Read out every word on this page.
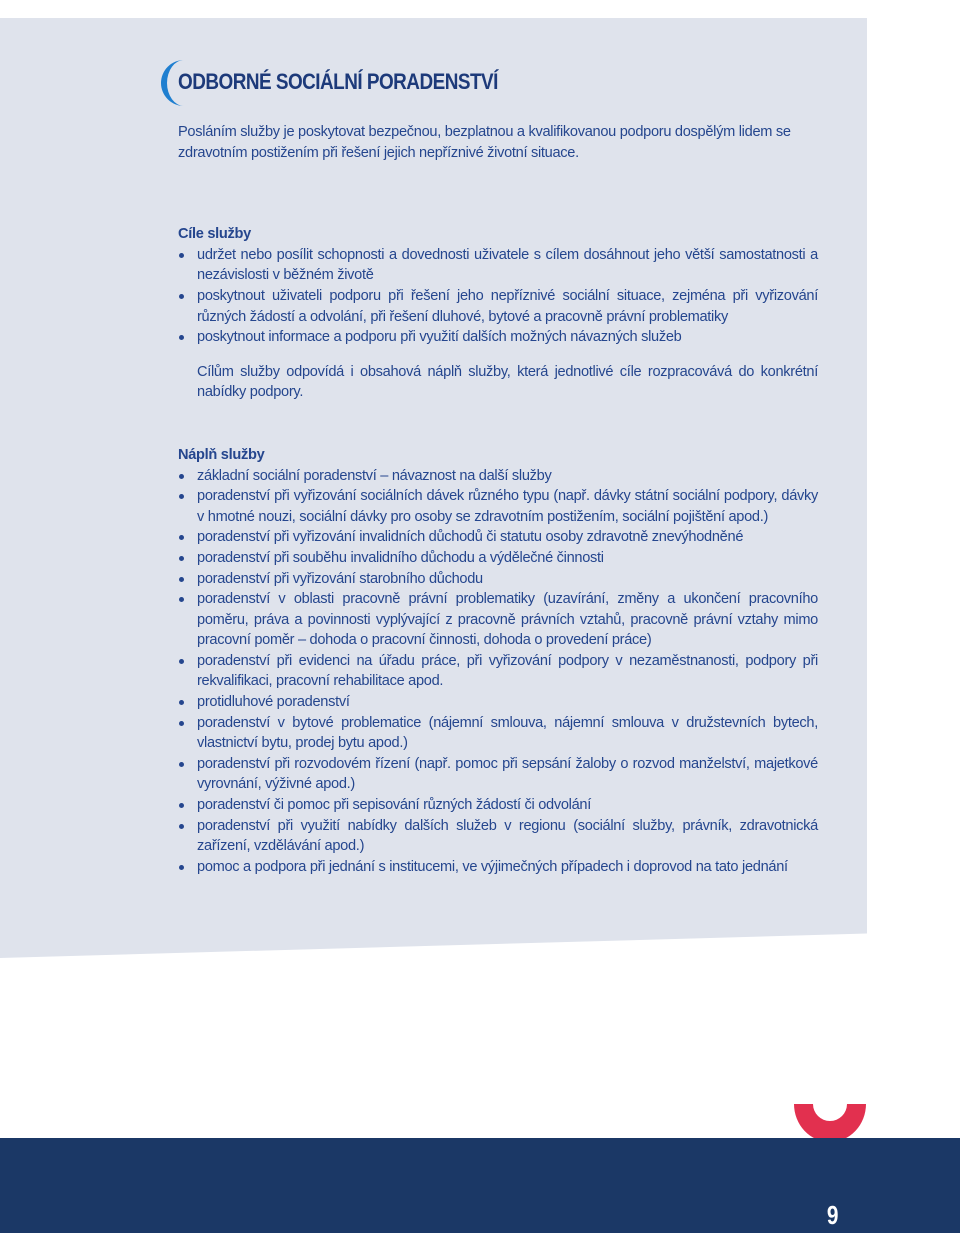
ODBORNÉ SOCIÁLNÍ PORADENSTVÍ

Posláním služby je poskytovat bezpečnou, bezplatnou a kvalifikovanou podporu dospělým lidem se zdravotním postižením při řešení jejich nepříznivé životní situace.

Cíle služby

udržet nebo posílit schopnosti a dovednosti uživatele s cílem dosáhnout jeho větší samostatnosti a nezávislosti v běžném životě
poskytnout uživateli podporu při řešení jeho nepříznivé sociální situace, zejména při vyřizování různých žádostí a odvolání, při řešení dluhové, bytové a pracovně právní problematiky
poskytnout informace a podporu při využití dalších možných návazných služeb

Cílům služby odpovídá i obsahová náplň služby, která jednotlivé cíle rozpracovává do konkrétní nabídky podpory.

Náplň služby

základní sociální poradenství – návaznost na další služby
poradenství při vyřizování sociálních dávek různého typu (např. dávky státní sociální podpory, dávky v hmotné nouzi, sociální dávky pro osoby se zdravotním postižením, sociální pojištění apod.)
poradenství při vyřizování invalidních důchodů či statutu osoby zdravotně znevýhodněné
poradenství při souběhu invalidního důchodu a výdělečné činnosti
poradenství při vyřizování starobního důchodu
poradenství v oblasti pracovně právní problematiky (uzavírání, změny a ukončení pracovního poměru, práva a povinnosti vyplývající z pracovně právních vztahů, pracovně právní vztahy mimo pracovní poměr – dohoda o pracovní činnosti, dohoda o provedení práce)
poradenství při evidenci na úřadu práce, při vyřizování podpory v nezaměstnanosti, podpory při rekvalifikaci, pracovní rehabilitace apod.
protidluhové poradenství
poradenství v bytové problematice (nájemní smlouva, nájemní smlouva v družstevních bytech, vlastnictví bytu, prodej bytu apod.)
poradenství při rozvodovém řízení (např. pomoc při sepsání žaloby o rozvod manželství, majetkové vyrovnání, výživné apod.)
poradenství či pomoc při sepisování různých žádostí či odvolání
poradenství při využití nabídky dalších služeb v regionu (sociální služby, právník, zdravotnická zařízení, vzdělávání apod.)
pomoc a podpora při jednání s institucemi, ve výjimečných případech i doprovod na tato jednání

9
